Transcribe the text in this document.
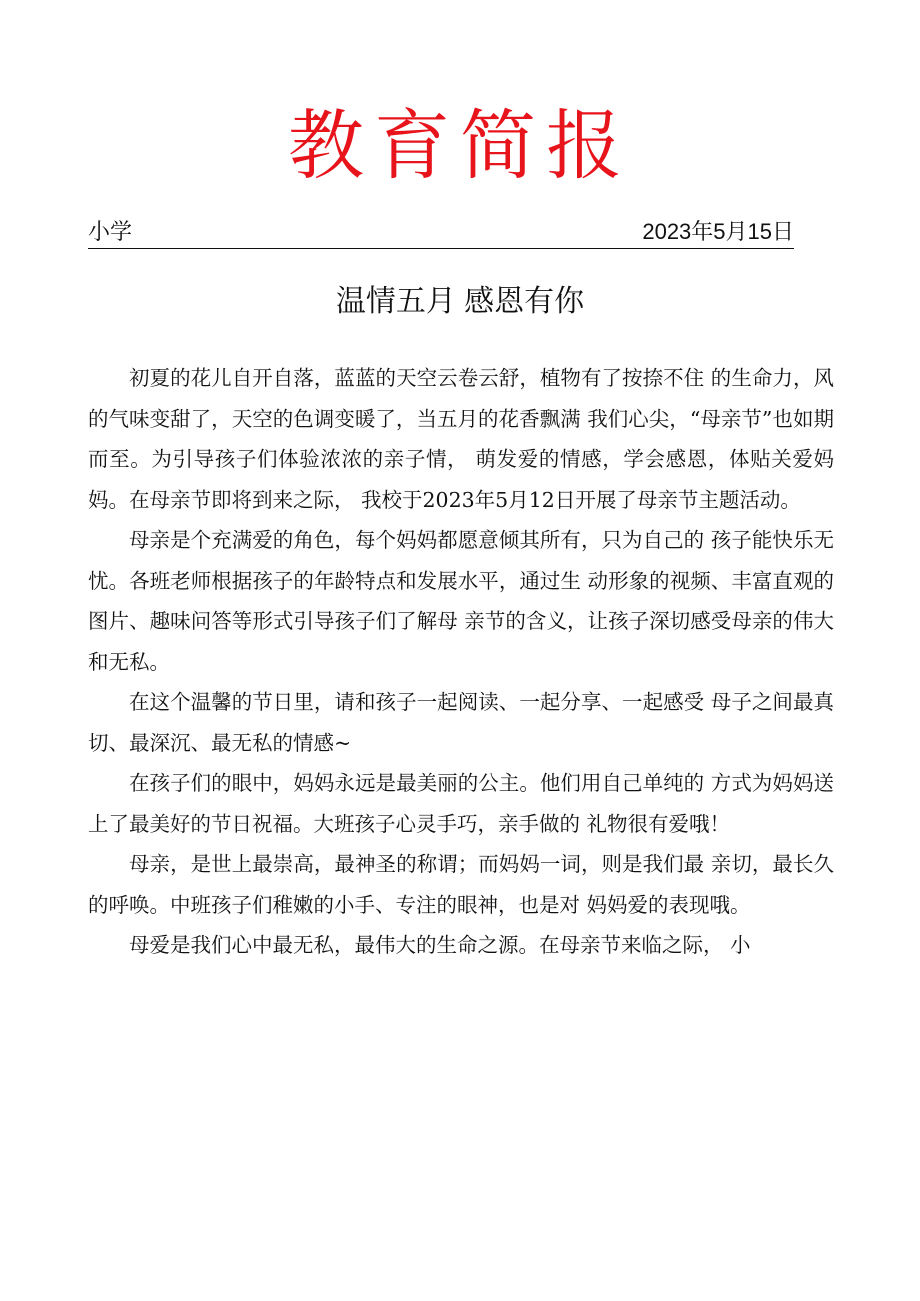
教育简报
小学	2023年5月15日
温情五月 感恩有你

初夏的花儿自开自落，蓝蓝的天空云卷云舒，植物有了按捺不住 的生命力，风的气味变甜了，天空的色调变暖了，当五月的花香飘满 我们心尖，“母亲节”也如期而至。为引导孩子们体验浓浓的亲子情， 萌发爱的情感，学会感恩，体贴关爱妈妈。在母亲节即将到来之际， 我校于2023年5月12日开展了母亲节主题活动。

母亲是个充满爱的角色，每个妈妈都愿意倾其所有，只为自己的 孩子能快乐无忧。各班老师根据孩子的年龄特点和发展水平，通过生 动形象的视频、丰富直观的图片、趣味问答等形式引导孩子们了解母 亲节的含义，让孩子深切感受母亲的伟大和无私。

在这个温馨的节日里，请和孩子一起阅读、一起分享、一起感受 母子之间最真切、最深沉、最无私的情感~

在孩子们的眼中，妈妈永远是最美丽的公主。他们用自己单纯的 方式为妈妈送上了最美好的节日祝福。大班孩子心灵手巧，亲手做的 礼物很有爱哦！

母亲，是世上最崇高，最神圣的称谓；而妈妈一词，则是我们最 亲切，最长久的呼唤。中班孩子们稚嫩的小手、专注的眼神，也是对 妈妈爱的表现哦。

母爱是我们心中最无私，最伟大的生命之源。在母亲节来临之际， 小
